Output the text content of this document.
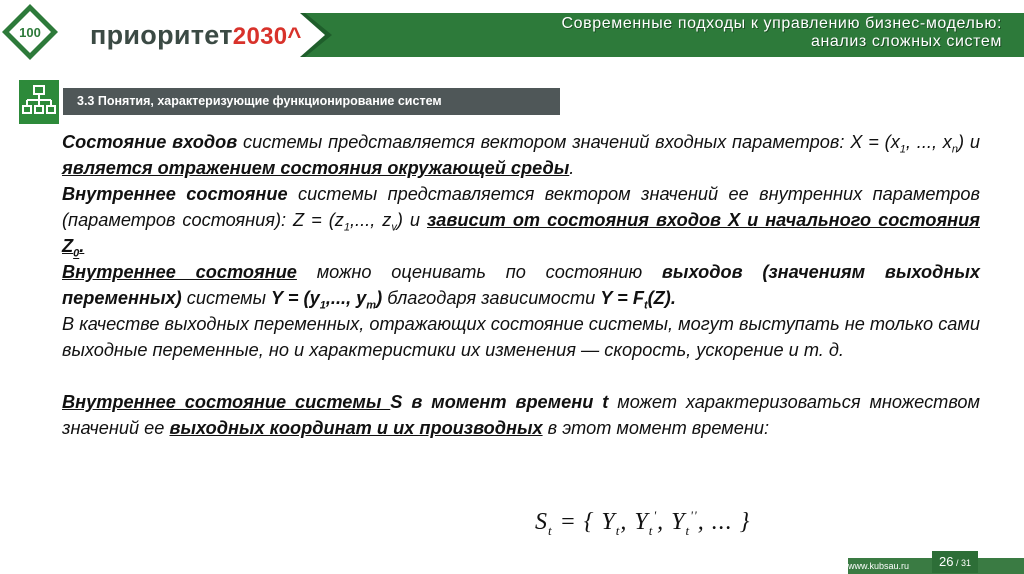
100 приоритет2030^	Современные подходы к управлению бизнес-моделью:
анализ сложных систем
3.3 Понятия, характеризующие функционирование систем

Состояние входов системы представляется вектором значений входных параметров: $X = (x_1$, ..., $x_n$) и является отражением состояния окружающей среды.

Внутреннее состояние системы представляется вектором значений ее внутренних параметров (параметров состояния): $Z = (z_1$,..., $z_v$) и зависит от состояния входов X и начального состояния $Z_0$.

Внутреннее состояние можно оценивать по состоянию выходов (значениям выходных переменных) системы $Y = (y_1$,..., $y_m$) благодаря зависимости $Y = F_t(Z)$.

В качестве выходных переменных, отражающих состояние системы, могут выступать не только сами выходные переменные, но и характеристики их изменения — скорость, ускорение и т. д.

Внутреннее состояние системы S в момент времени t может характеризоваться множеством значений ее выходных координат и их производных в этот момент времени:

$S_t$ = { $Y_t$, $Y_t'$, $Y_t''$, ... }
www.kubsau.ru	26 / 31
